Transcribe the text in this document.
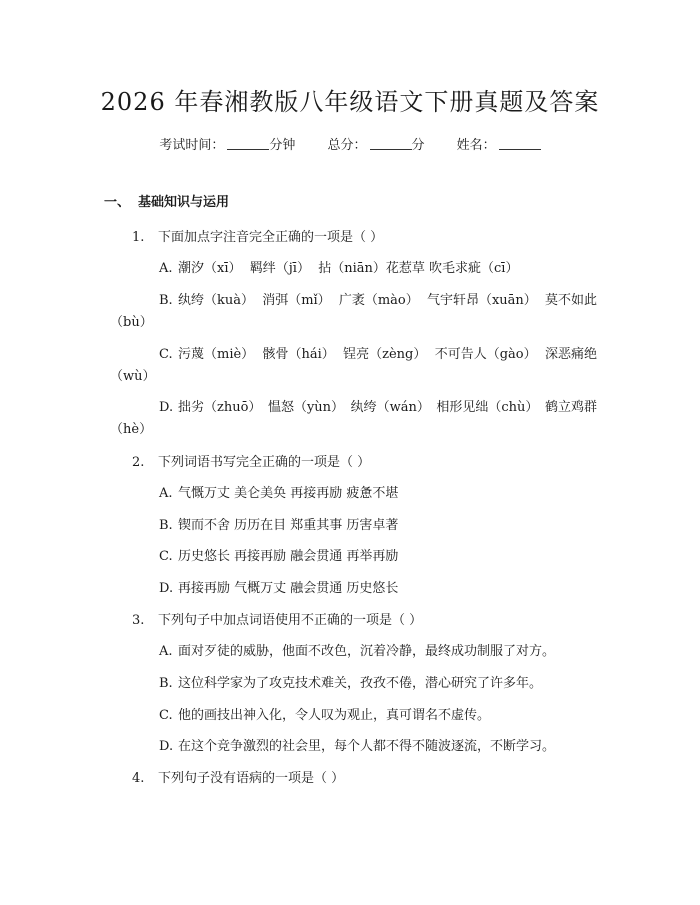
2026 年春湘教版八年级语文下册真题及答案
考试时间：	分钟 总分：	分 姓名：
一、 基础知识与运用
1. 下面加点字注音完全正确的一项是（ ）
A. 潮汐（xī） 羁绊（jī） 拈（niān）花惹草 吹毛求疵（cī）
B. 纨绔（kuà） 消弭（mǐ） 广袤（mào） 气宇轩昂（xuān） 莫不如此
（bù）
C. 污蔑（miè） 骸骨（hái） 锃亮（zèng） 不可告人（gào） 深恶痛绝
（wù）
D. 拙劣（zhuō） 愠怒（yùn） 纨绔（wán） 相形见绌（chù） 鹤立鸡群
（hè）
2. 下列词语书写完全正确的一项是（ ）
A. 气慨万丈 美仑美奂 再接再励 疲惫不堪
B. 锲而不舍 历历在目 郑重其事 历害卓著
C. 历史悠长 再接再励 融会贯通 再举再励
D. 再接再励 气概万丈 融会贯通 历史悠长
3. 下列句子中加点词语使用不正确的一项是（ ）
A. 面对歹徒的威胁，他面不改色，沉着冷静，最终成功制服了对方。
B. 这位科学家为了攻克技术难关，孜孜不倦，潜心研究了许多年。
C. 他的画技出神入化，令人叹为观止，真可谓名不虚传。
D. 在这个竞争激烈的社会里，每个人都不得不随波逐流，不断学习。
4. 下列句子没有语病的一项是（ ）
